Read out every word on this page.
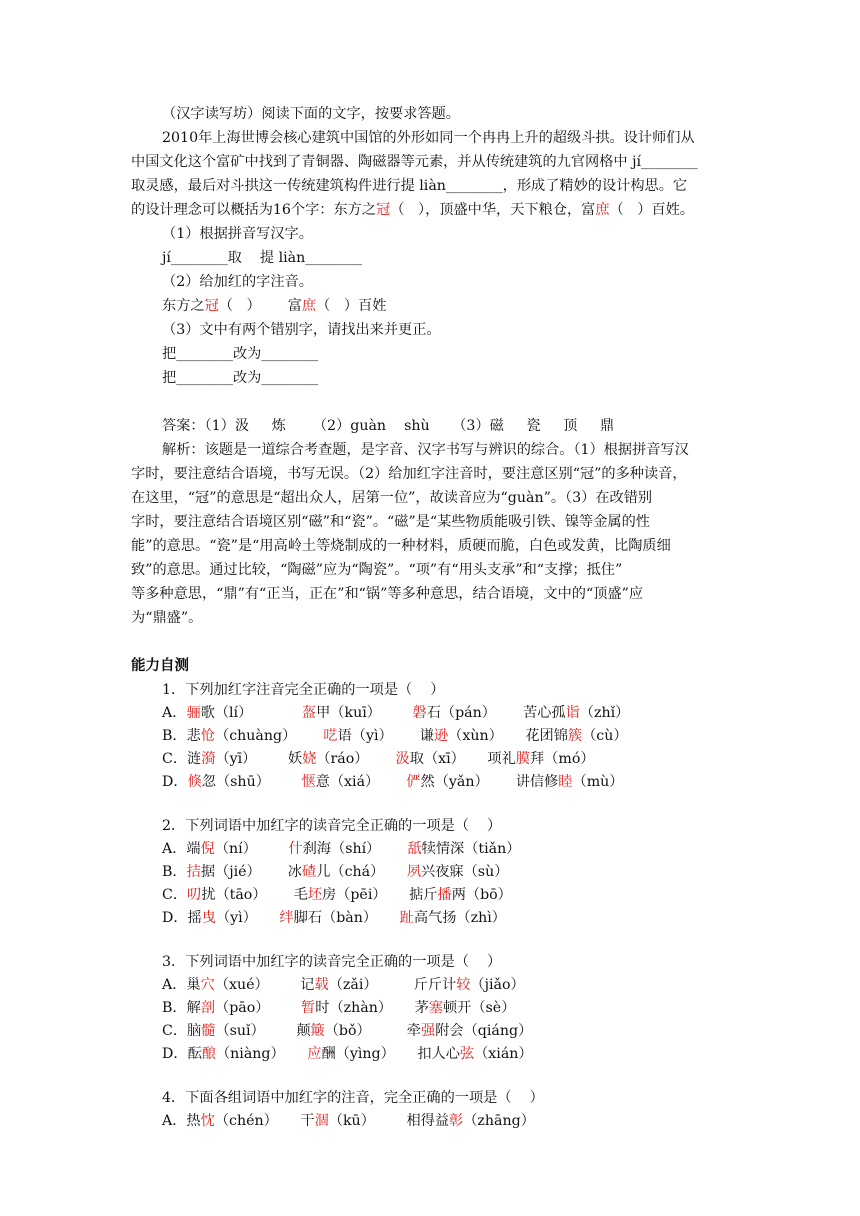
（汉字读写坊）阅读下面的文字，按要求答题。
2010年上海世博会核心建筑中国馆的外形如同一个冉冉上升的超级斗拱。设计师们从
中国文化这个富矿中找到了青铜器、陶磁器等元素，并从传统建筑的九官网格中 jí________
取灵感，最后对斗拱这一传统建筑构件进行提 liàn________，形成了精妙的设计构思。它
的设计理念可以概括为16个字：东方之冠（   ），顶盛中华，天下粮仓，富庶（   ）百姓。
（1）根据拼音写汉字。
jí________取    提 liàn________
（2）给加红的字注音。
东方之冠（   ）      富庶（   ）百姓
（3）文中有两个错别字，请找出来并更正。
把________改为________
把________改为________
答案：（1）汲     炼      （2）guàn    shù     （3）磁     瓷     顶     鼎
解析：该题是一道综合考查题，是字音、汉字书写与辨识的综合。（1）根据拼音写汉
字时，要注意结合语境，书写无误。（2）给加红字注音时，要注意区别“冠”的多种读音，
在这里，“冠”的意思是“超出众人，居第一位”，故读音应为“guàn”。（3）在改错别
字时，要注意结合语境区别“磁”和“瓷”。“磁”是“某些物质能吸引铁、镍等金属的性
能”的意思。“瓷”是“用高岭土等烧制成的一种材料，质硬而脆，白色或发黄，比陶质细
致”的意思。通过比较，“陶磁”应为“陶瓷”。“项”有“用头支承”和“支撑；抵住”
等多种意思，“鼎”有“正当，正在”和“锅”等多种意思，结合语境，文中的“顶盛”应
为“鼎盛”。
能力自测
1．下列加红字注音完全正确的一项是（    ）
A．骊歌（lí）           盔甲（kuī）       磐石（pán）      苦心孤诣（zhǐ）
B．悲怆（chuàng）      呓语（yì）      谦逊（xùn）     花团锦簇（cù）
C．涟漪（yī）       妖娆（ráo）      汲取（xī）     项礼膜拜（mó）
D．倏忽（shū）       惬意（xiá）      俨然（yǎn）      讲信修睦（mù）
2．下列词语中加红字的读音完全正确的一项是（    ）
A．端倪（ní）       什刹海（shí）      舐犊情深（tiǎn）
B．拮据（jié）      冰碴儿（chá）     夙兴夜寐（sù）
C．叨扰（tāo）      毛坯房（pēi）     掂斤播两（bō）
D．摇曳（yì）     绊脚石（bàn）     趾高气扬（zhì）
3．下列词语中加红字的读音完全正确的一项是（    ）
A．巢穴（xué）       记载（zǎi）        斤斤计较（jiǎo）
B．解剖（pāo）       暂时（zhàn）     茅塞顿开（sè）
C．脑髓（suǐ）       颠簸（bǒ）        牵强附会（qiáng）
D．酝酿（niàng）     应酬（yìng）     扣人心弦（xián）
4．下面各组词语中加红字的注音，完全正确的一项是（    ）
A．热忱（chén）     干涸（kū）       相得益彰（zhāng）
